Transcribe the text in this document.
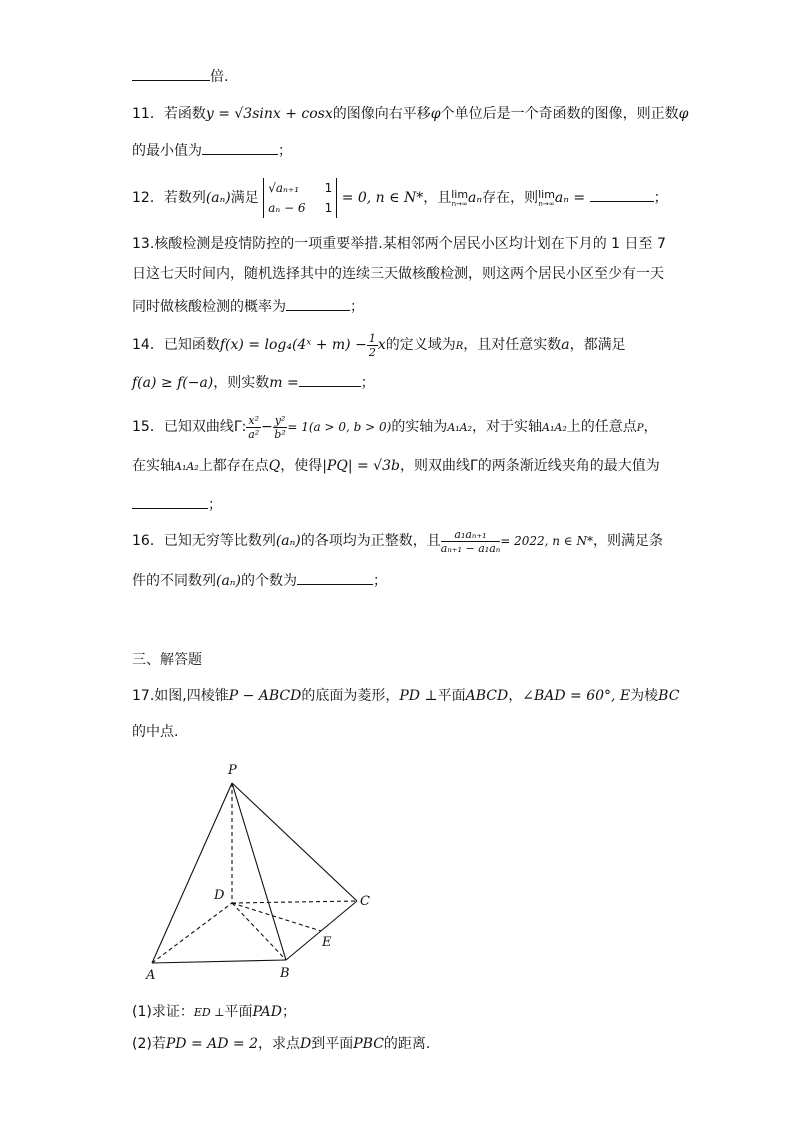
倍.
11．若函数y = √3sinx + cosx的图像向右平移φ个单位后是一个奇函数的图像，则正数φ
的最小值为	；
12．若数列(aₙ)满足
√aₙ₊₁ 1
aₙ − 6 1
= 0, n ∈ N*，且lim
n→∞ aₙ存在，则lim
n→∞ aₙ =	；
13.核酸检测是疫情防控的一项重要举措.某相邻两个居民小区均计划在下月的 1 日至 7
日这七天时间内，随机选择其中的连续三天做核酸检测，则这两个居民小区至少有一天
同时做核酸检测的概率为	；
14．已知函数f(x) = log₄(4ˣ + $m) - \frac{1}{2}x$的定义域为R，且对任意实数a，都满足
f(a) ≥ f(−a)，则实数m =	；
15．已知双曲线Γ: $\frac{\text{x²}}{\text{a²}}- \frac{\text{y²}}{\text{b²}}= 1(a > 0$, b > 0)的实轴为A₁A₂，对于实轴A₁A₂上的任意点P，
在实轴A₁A₂上都存在点Q，使得|PQ| = √3b，则双曲线Γ的两条渐近线夹角的最大值为
；
16．已知无穷等比数列(aₙ)的各项均为正整数，且 $\frac{\text{a₁aₙ₊₁}}{\text{aₙ₊₁ − a₁aₙ}}= 2022$, n ∈ N*，则满足条
件的不同数列(aₙ)的个数为	；
三、解答题
17.如图,四棱锥P − ABCD的底面为菱形，PD ⊥平面ABCD，∠BAD = 60°, E为棱BC
的中点.
P
D	C
E
A	B
(1)求证：ED ⊥平面PAD；
(2)若PD = AD = 2，求点D到平面PBC的距离.
